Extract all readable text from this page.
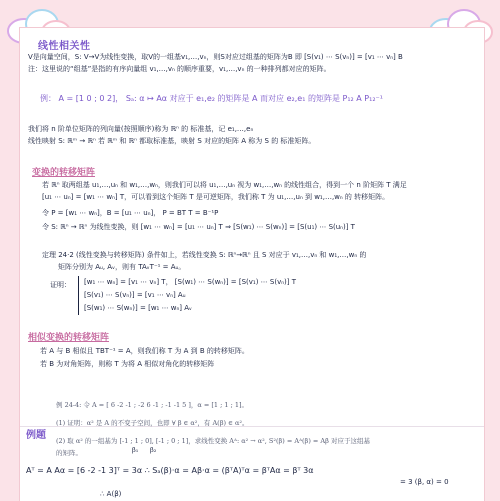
线性相关性
V是向量空间，S: V→V为线性变换，取V的一组基v₁,…,vₙ，则S对应过组基的矩阵为B 即 [S(v₁) ⋯ S(vₙ)] = [v₁ ⋯ vₙ] B
注：这里说的“组基”是指的有序向量组 v₁,…,vₙ 的顺序重要，v₁,…,vₙ 的一种排列都对应的矩阵。
例： A = [1 0 ; 0 2]， Sₐ: α ↦ Aα 对应于 e₁,e₂ 的矩阵是 A 而对应 e₂,e₁ 的矩阵是 P₁₂ A P₁₂⁻¹
我们将 n 阶单位矩阵的列向量(按照顺序)称为 ℝⁿ 的 标准基，记 e₁,…,eₙ
线性映射 S: ℝᵐ → ℝⁿ 若 ℝᵐ 和 ℝⁿ 都取标准基，映射 S 对应的矩阵 A 称为 S 的 标准矩阵。
变换的转移矩阵
若 ℝⁿ 取两组基 u₁,…,uₙ 和 w₁,…,wₙ，则我们可以将 u₁,…,uₙ 视为 w₁,…,wₙ 的线性组合，得到一个 n 阶矩阵 T 满足
[u₁ ⋯ uₙ] = [w₁ ⋯ wₙ] T，可以看到这个矩阵 T 是可逆矩阵，我们称 T 为 u₁,…,uₙ 到 w₁,…,wₙ 的 转移矩阵。
令 P = [w₁ ⋯ wₙ]，B = [u₁ ⋯ uₙ]， P = BT T = B⁻¹P
令 S: ℝⁿ → ℝⁿ 为线性变换，则 [w₁ ⋯ wₙ] = [u₁ ⋯ uₙ] T ⇒ [S(w₁) ⋯ S(wₙ)] = [S(u₁) ⋯ S(uₙ)] T
定理 24·2 (线性变换与转移矩阵) 条件如上，若线性变换 S: ℝⁿ→ℝⁿ 且 S 对应于 v₁,…,vₙ 和 w₁,…,wₙ 的
矩阵分别为 Aᵤ, Aᵥ，则有 TAᵥT⁻¹ = Aᵤ。
证明： [w₁ ⋯ wₙ] = [v₁ ⋯ vₙ] T， [S(w₁) ⋯ S(wₙ)] = [S(v₁) ⋯ S(vₙ)] T
[S(v₁) ⋯ S(vₙ)] = [v₁ ⋯ vₙ] Aᵤ
[S(w₁) ⋯ S(wₙ)] = [w₁ ⋯ wₙ] Aᵥ
相似变换的转移矩阵
若 A 与 B 相似且 TBT⁻¹ = A，则我们称 T 为 A 到 B 的转移矩阵。
若 B 为对角矩阵，则称 T 为将 A 相似对角化的转移矩阵
例题
例 24-4: 令 A = [ 6 -2 -1 ; -2 6 -1 ; -1 -1 5 ]，α = [1 ; 1 ; 1]。
(1) 证明：α² 是 A 的不变子空间，也即 ∀ β ∈ α²，有 A(β) ∈ α²。
(2) 取 α² 的一组基为 [-1 ; 1 ; 0], [-1 ; 0 ; 1]，求线性变换 Aᴬ: α² → α², S²(β) = Aᴬ(β) = Aβ 对应于这组基
的矩阵。	β₁ β₂
Aᵀ = A Aα = [6 -2 -1 3]ᵀ = 3α ∴ Sₐ(β)·α = Aβ·α = (βᵀA)ᵀα = βᵀAα = βᵀ 3α
= 3 (β, α) = 0
∴ A(β)
